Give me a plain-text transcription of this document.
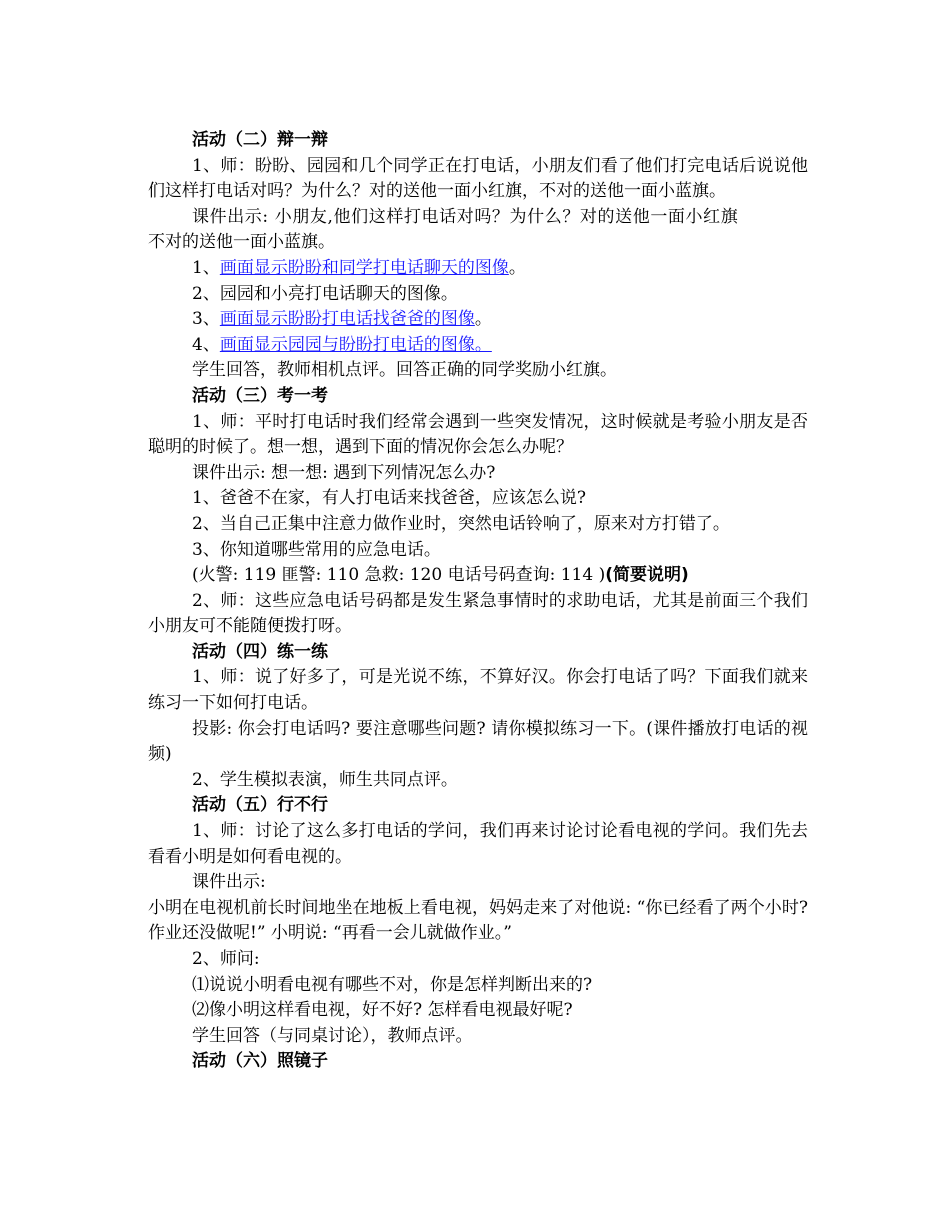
活动（二）辩一辩
1、师：盼盼、园园和几个同学正在打电话，小朋友们看了他们打完电话后说说他们这样打电话对吗？为什么？对的送他一面小红旗，不对的送他一面小蓝旗。
课件出示: 小朋友,他们这样打电话对吗？为什么？对的送他一面小红旗
不对的送他一面小蓝旗。
1、画面显示盼盼和同学打电话聊天的图像。
2、园园和小亮打电话聊天的图像。
3、画面显示盼盼打电话找爸爸的图像。
4、画面显示园园与盼盼打电话的图像。
学生回答，教师相机点评。回答正确的同学奖励小红旗。
活动（三）考一考
1、师：平时打电话时我们经常会遇到一些突发情况，这时候就是考验小朋友是否聪明的时候了。想一想，遇到下面的情况你会怎么办呢？
课件出示: 想一想: 遇到下列情况怎么办?
1、爸爸不在家，有人打电话来找爸爸，应该怎么说?
2、当自己正集中注意力做作业时，突然电话铃响了，原来对方打错了。
3、你知道哪些常用的应急电话。
(火警: 119 匪警: 110 急救: 120 电话号码查询: 114 )(简要说明)
2、师：这些应急电话号码都是发生紧急事情时的求助电话，尤其是前面三个我们小朋友可不能随便拨打呀。
活动（四）练一练
1、师：说了好多了，可是光说不练，不算好汉。你会打电话了吗？下面我们就来练习一下如何打电话。
投影: 你会打电话吗? 要注意哪些问题? 请你模拟练习一下。(课件播放打电话的视频)
2、学生模拟表演，师生共同点评。
活动（五）行不行
1、师：讨论了这么多打电话的学问，我们再来讨论讨论看电视的学问。我们先去看看小明是如何看电视的。
课件出示:
小明在电视机前长时间地坐在地板上看电视，妈妈走来了对他说: “你已经看了两个小时? 作业还没做呢!” 小明说: “再看一会儿就做作业。”
2、师问:
⑴说说小明看电视有哪些不对，你是怎样判断出来的?
⑵像小明这样看电视，好不好? 怎样看电视最好呢?
学生回答（与同桌讨论），教师点评。
活动（六）照镜子
